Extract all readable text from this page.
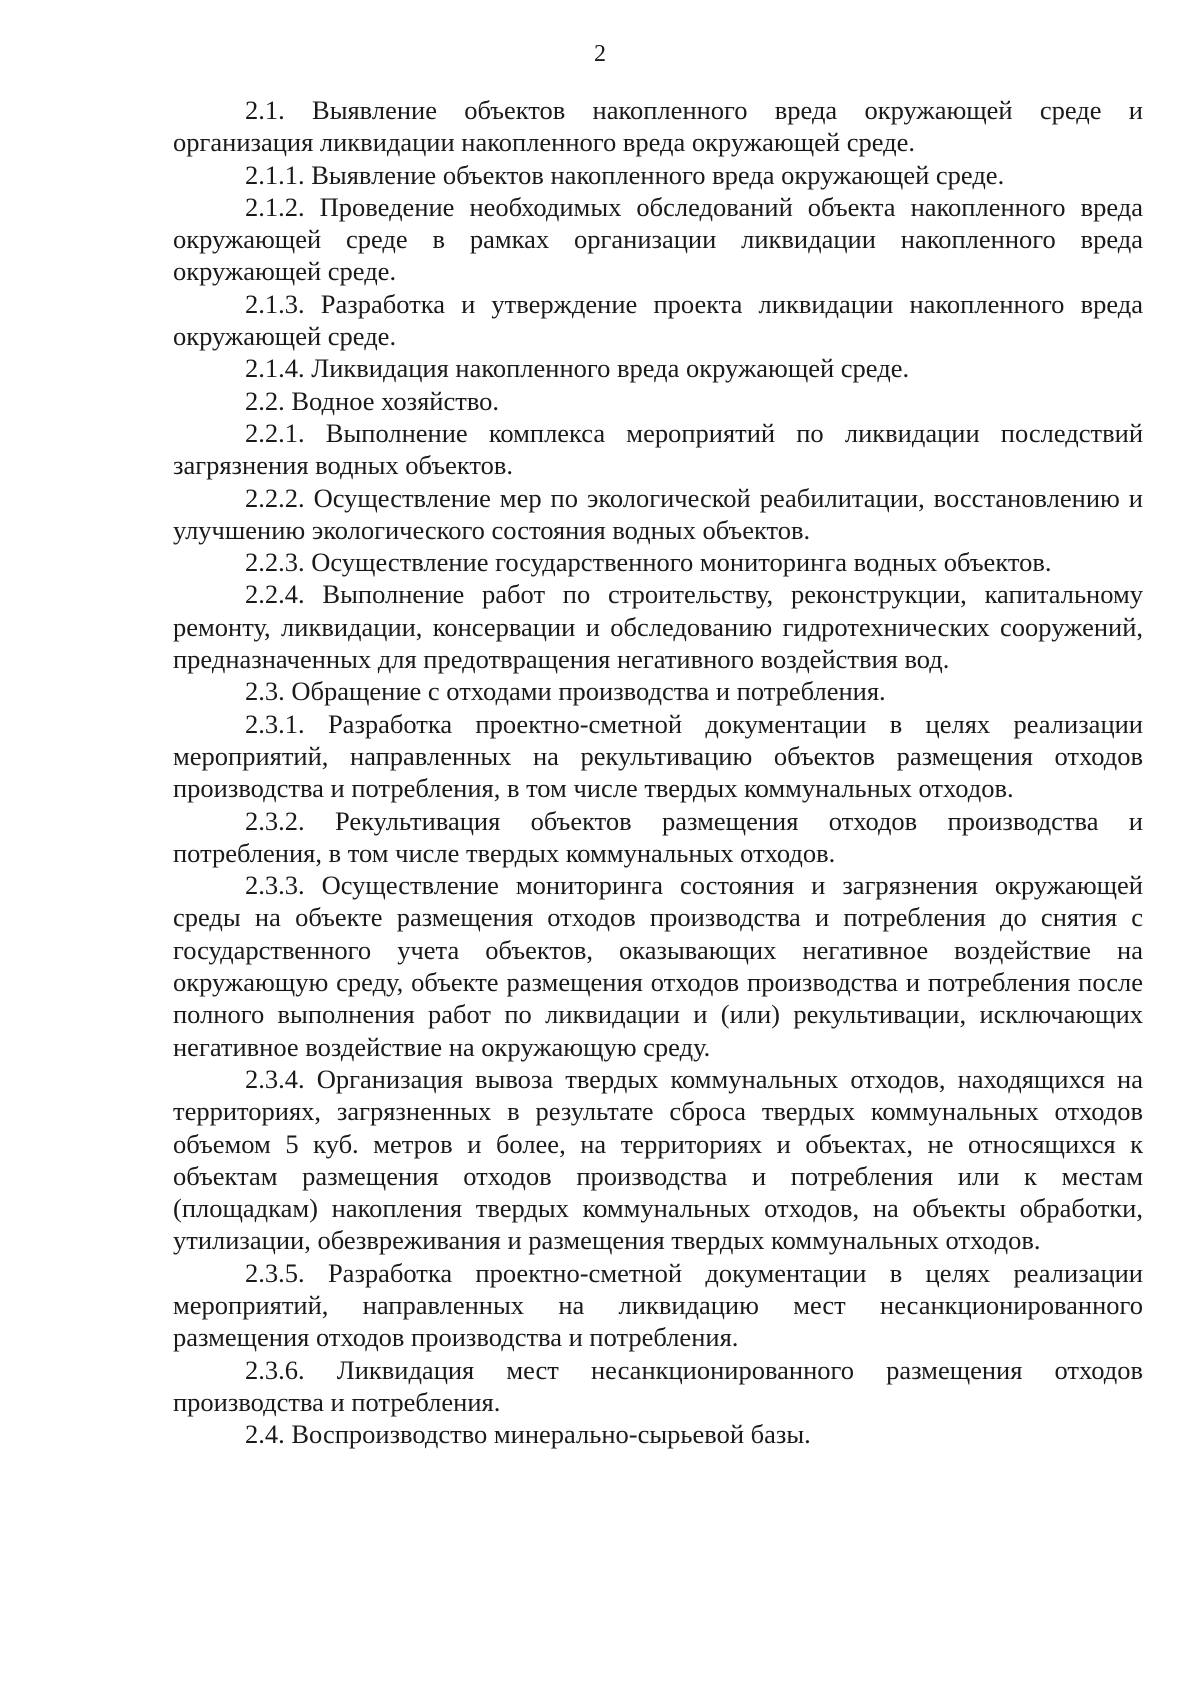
2

2.1. Выявление объектов накопленного вреда окружающей среде и организация ликвидации накопленного вреда окружающей среде.

2.1.1. Выявление объектов накопленного вреда окружающей среде.

2.1.2. Проведение необходимых обследований объекта накопленного вреда окружающей среде в рамках организации ликвидации накопленного вреда окружающей среде.

2.1.3. Разработка и утверждение проекта ликвидации накопленного вреда окружающей среде.

2.1.4. Ликвидация накопленного вреда окружающей среде.

2.2. Водное хозяйство.

2.2.1. Выполнение комплекса мероприятий по ликвидации последствий загрязнения водных объектов.

2.2.2. Осуществление мер по экологической реабилитации, восстановлению и улучшению экологического состояния водных объектов.

2.2.3. Осуществление государственного мониторинга водных объектов.

2.2.4. Выполнение работ по строительству, реконструкции, капитальному ремонту, ликвидации, консервации и обследованию гидротехнических сооружений, предназначенных для предотвращения негативного воздействия вод.

2.3. Обращение с отходами производства и потребления.

2.3.1. Разработка проектно-сметной документации в целях реализации мероприятий, направленных на рекультивацию объектов размещения отходов производства и потребления, в том числе твердых коммунальных отходов.

2.3.2. Рекультивация объектов размещения отходов производства и потребления, в том числе твердых коммунальных отходов.

2.3.3. Осуществление мониторинга состояния и загрязнения окружающей среды на объекте размещения отходов производства и потребления до снятия с государственного учета объектов, оказывающих негативное воздействие на окружающую среду, объекте размещения отходов производства и потребления после полного выполнения работ по ликвидации и (или) рекультивации, исключающих негативное воздействие на окружающую среду.

2.3.4. Организация вывоза твердых коммунальных отходов, находящихся на территориях, загрязненных в результате сброса твердых коммунальных отходов объемом 5 куб. метров и более, на территориях и объектах, не относящихся к объектам размещения отходов производства и потребления или к местам (площадкам) накопления твердых коммунальных отходов, на объекты обработки, утилизации, обезвреживания и размещения твердых коммунальных отходов.

2.3.5. Разработка проектно-сметной документации в целях реализации мероприятий, направленных на ликвидацию мест несанкционированного размещения отходов производства и потребления.

2.3.6. Ликвидация мест несанкционированного размещения отходов производства и потребления.

2.4. Воспроизводство минерально-сырьевой базы.
